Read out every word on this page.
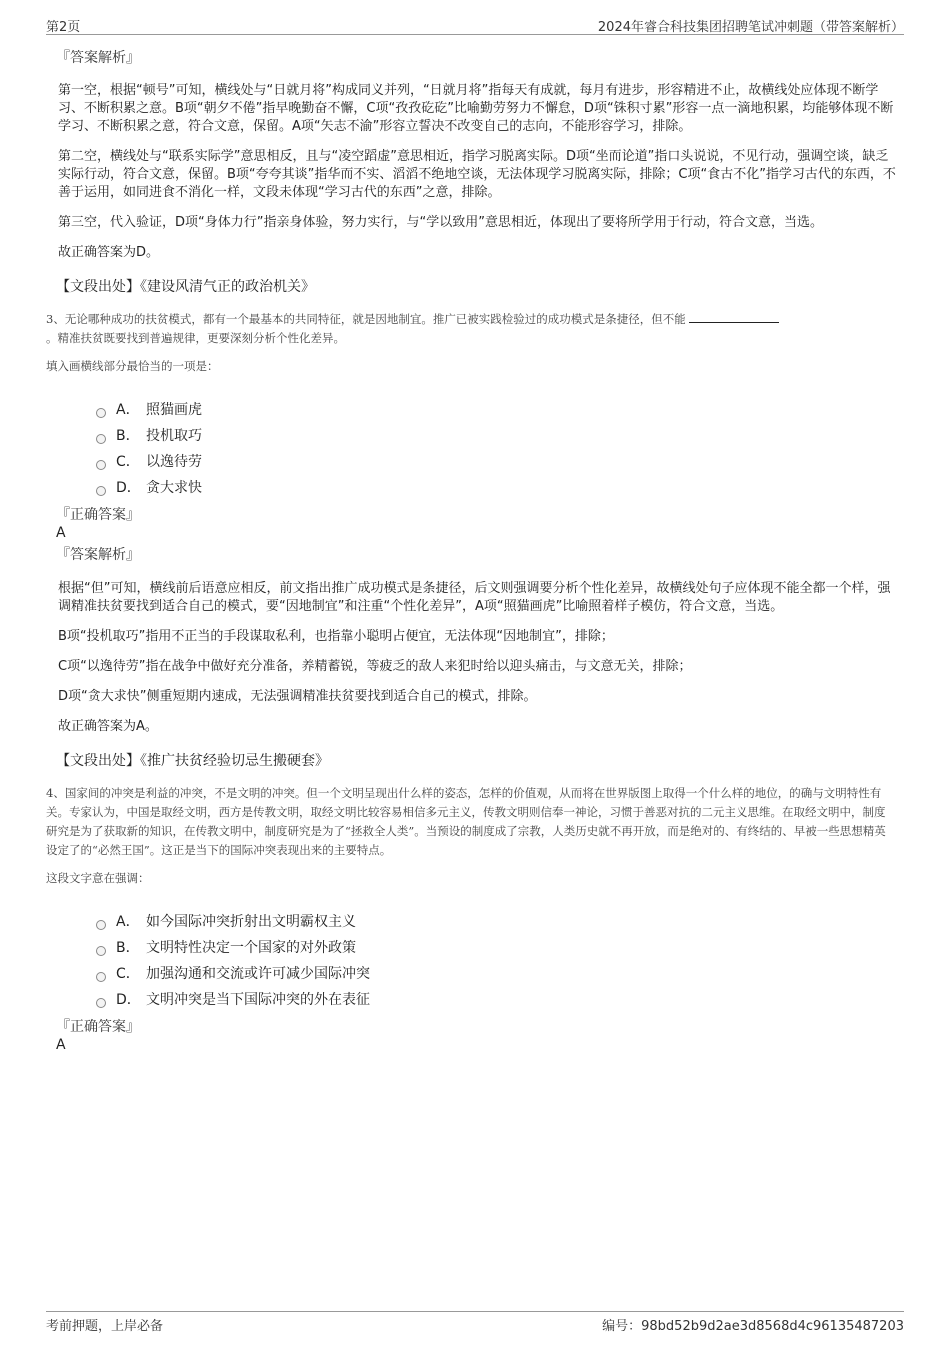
第2页	2024年睿合科技集团招聘笔试冲刺题（带答案解析）
『答案解析』

第一空，根据“顿号”可知，横线处与“日就月将”构成同义并列，“日就月将”指每天有成就，每月有进步，形容精进不止，故横线处应体现不断学习、不断积累之意。B项“朝夕不倦”指早晚勤奋不懈，C项“孜孜矻矻”比喻勤劳努力不懈怠，D项“铢积寸累”形容一点一滴地积累，均能够体现不断学习、不断积累之意，符合文意，保留。A项“矢志不渝”形容立誓决不改变自己的志向，不能形容学习，排除。

第二空，横线处与“联系实际学”意思相反，且与“凌空蹈虚”意思相近，指学习脱离实际。D项“坐而论道”指口头说说，不见行动，强调空谈，缺乏实际行动，符合文意，保留。B项“夸夸其谈”指华而不实、滔滔不绝地空谈，无法体现学习脱离实际，排除；C项“食古不化”指学习古代的东西，不善于运用，如同进食不消化一样，文段未体现“学习古代的东西”之意，排除。

第三空，代入验证，D项“身体力行”指亲身体验，努力实行，与“学以致用”意思相近，体现出了要将所学用于行动，符合文意，当选。

故正确答案为D。

【文段出处】《建设风清气正的政治机关》
3、无论哪种成功的扶贫模式，都有一个最基本的共同特征，就是因地制宜。推广已被实践检验过的成功模式是条捷径，但不能
。精准扶贫既要找到普遍规律，更要深刻分析个性化差异。
填入画横线部分最恰当的一项是：
A． 照猫画虎
B． 投机取巧
C． 以逸待劳
D． 贪大求快
『正确答案』
A
『答案解析』

根据“但”可知，横线前后语意应相反，前文指出推广成功模式是条捷径，后文则强调要分析个性化差异，故横线处句子应体现不能全都一个样，强调精准扶贫要找到适合自己的模式，要“因地制宜”和注重“个性化差异”，A项“照猫画虎”比喻照着样子模仿，符合文意，当选。

B项“投机取巧”指用不正当的手段谋取私利，也指靠小聪明占便宜，无法体现“因地制宜”，排除；

C项“以逸待劳”指在战争中做好充分准备，养精蓄锐，等疲乏的敌人来犯时给以迎头痛击，与文意无关，排除；

D项“贪大求快”侧重短期内速成，无法强调精准扶贫要找到适合自己的模式，排除。

故正确答案为A。

【文段出处】《推广扶贫经验切忌生搬硬套》
4、国家间的冲突是利益的冲突，不是文明的冲突。但一个文明呈现出什么样的姿态，怎样的价值观，从而将在世界版图上取得一个什么样的地位，的确与文明特性有关。专家认为，中国是取经文明，西方是传教文明，取经文明比较容易相信多元主义，传教文明则信奉一神论，习惯于善恶对抗的二元主义思维。在取经文明中，制度研究是为了获取新的知识，在传教文明中，制度研究是为了“拯救全人类”。当预设的制度成了宗教，人类历史就不再开放，而是绝对的、有终结的、早被一些思想精英设定了的“必然王国”。这正是当下的国际冲突表现出来的主要特点。
这段文字意在强调：
A． 如今国际冲突折射出文明霸权主义
B． 文明特性决定一个国家的对外政策
C． 加强沟通和交流或许可减少国际冲突
D． 文明冲突是当下国际冲突的外在表征
『正确答案』
A
考前押题，上岸必备	编号：98bd52b9d2ae3d8568d4c96135487203
